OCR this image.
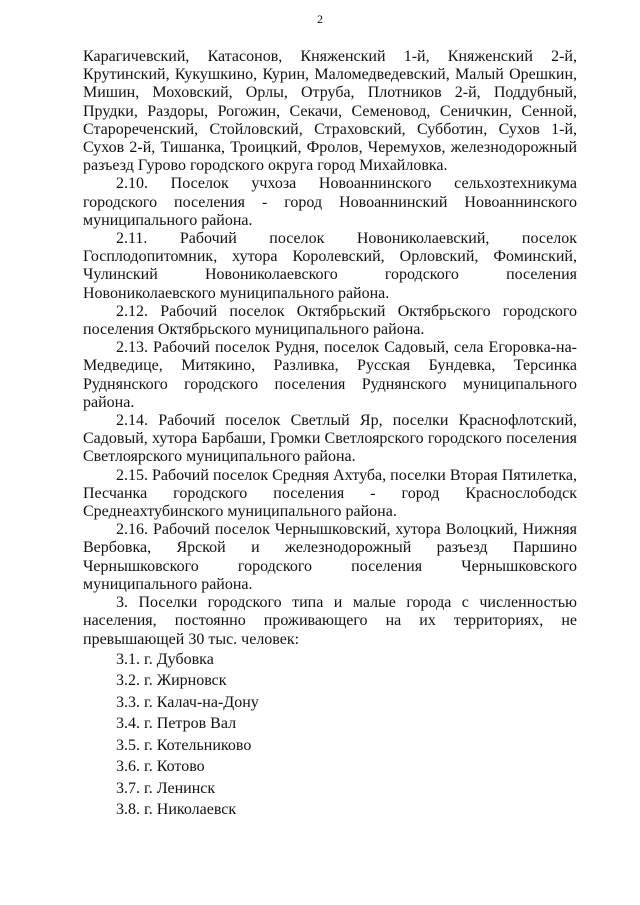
2

Карагичевский, Катасонов, Княженский 1-й, Княженский 2-й, Крутинский, Кукушкино, Курин, Маломедведевский, Малый Орешкин, Мишин, Моховский, Орлы, Отруба, Плотников 2-й, Поддубный, Прудки, Раздоры, Рогожин, Секачи, Семеновод, Сеничкин, Сенной, Старореченский, Стойловский, Страховский, Субботин, Сухов 1-й, Сухов 2-й, Тишанка, Троицкий, Фролов, Черемухов, железнодорожный разъезд Гурово городского округа город Михайловка.

2.10. Поселок учхоза Новоаннинского сельхозтехникума городского поселения - город Новоаннинский Новоаннинского муниципального района.

2.11. Рабочий поселок Новониколаевский, поселок Госплодопитомник, хутора Королевский, Орловский, Фоминский, Чулинский Новониколаевского городского поселения Новониколаевского муниципального района.

2.12. Рабочий поселок Октябрьский Октябрьского городского поселения Октябрьского муниципального района.

2.13. Рабочий поселок Рудня, поселок Садовый, села Егоровка-на-Медведице, Митякино, Разливка, Русская Бундевка, Терсинка Руднянского городского поселения Руднянского муниципального района.

2.14. Рабочий поселок Светлый Яр, поселки Краснофлотский, Садовый, хутора Барбаши, Громки Светлоярского городского поселения Светлоярского муниципального района.

2.15. Рабочий поселок Средняя Ахтуба, поселки Вторая Пятилетка, Песчанка городского поселения - город Краснослободск Среднеахтубинского муниципального района.

2.16. Рабочий поселок Чернышковский, хутора Волоцкий, Нижняя Вербовка, Ярской и железнодорожный разъезд Паршино Чернышковского городского поселения Чернышковского муниципального района.

3. Поселки городского типа и малые города с численностью населения, постоянно проживающего на их территориях, не превышающей 30 тыс. человек:

3.1. г. Дубовка
3.2. г. Жирновск
3.3. г. Калач-на-Дону
3.4. г. Петров Вал
3.5. г. Котельниково
3.6. г. Котово
3.7. г. Ленинск
3.8. г. Николаевск
